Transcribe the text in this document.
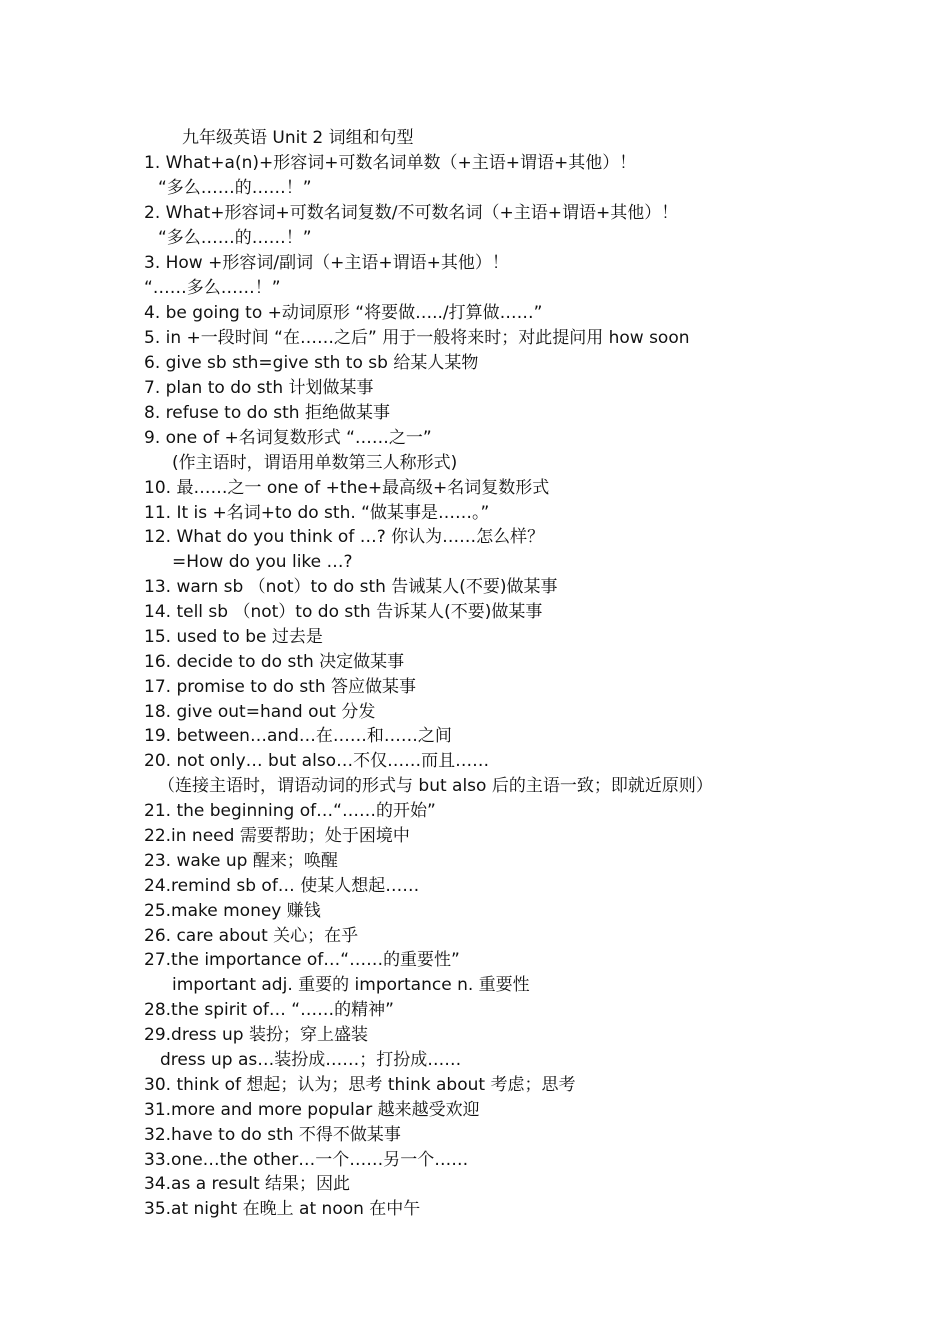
九年级英语 Unit 2 词组和句型
1. What+a(n)+形容词+可数名词单数（+主语+谓语+其他）！
“多么……的……！”
2. What+形容词+可数名词复数/不可数名词（+主语+谓语+其他）！
“多么……的……！”
3. How +形容词/副词（+主语+谓语+其他）！
“……多么……！”
4. be going to +动词原形 “将要做…../打算做……”
5. in +一段时间 “在……之后” 用于一般将来时；对此提问用 how soon
6. give sb sth=give sth to sb 给某人某物
7. plan to do sth 计划做某事
8. refuse to do sth 拒绝做某事
9. one of +名词复数形式 “……之一”
(作主语时，谓语用单数第三人称形式)
10. 最……之一 one of +the+最高级+名词复数形式
11. It is +名词+to do sth. “做某事是……。”
12. What do you think of …? 你认为……怎么样？
=How do you like …?
13. warn sb （not）to do sth 告诫某人(不要)做某事
14. tell sb （not）to do sth 告诉某人(不要)做某事
15. used to be 过去是
16. decide to do sth 决定做某事
17. promise to do sth 答应做某事
18. give out=hand out 分发
19. between…and…在……和……之间
20. not only… but also…不仅……而且……
（连接主语时，谓语动词的形式与 but also 后的主语一致；即就近原则）
21. the beginning of…“……的开始”
22.in need 需要帮助；处于困境中
23. wake up 醒来；唤醒
24.remind sb of… 使某人想起……
25.make money 赚钱
26. care about 关心；在乎
27.the importance of…“……的重要性”
important adj. 重要的 importance n. 重要性
28.the spirit of… “……的精神”
29.dress up 装扮；穿上盛装
dress up as…装扮成……；打扮成……
30. think of 想起；认为；思考 think about 考虑；思考
31.more and more popular 越来越受欢迎
32.have to do sth 不得不做某事
33.one…the other…一个……另一个……
34.as a result 结果；因此
35.at night 在晚上 at noon 在中午
